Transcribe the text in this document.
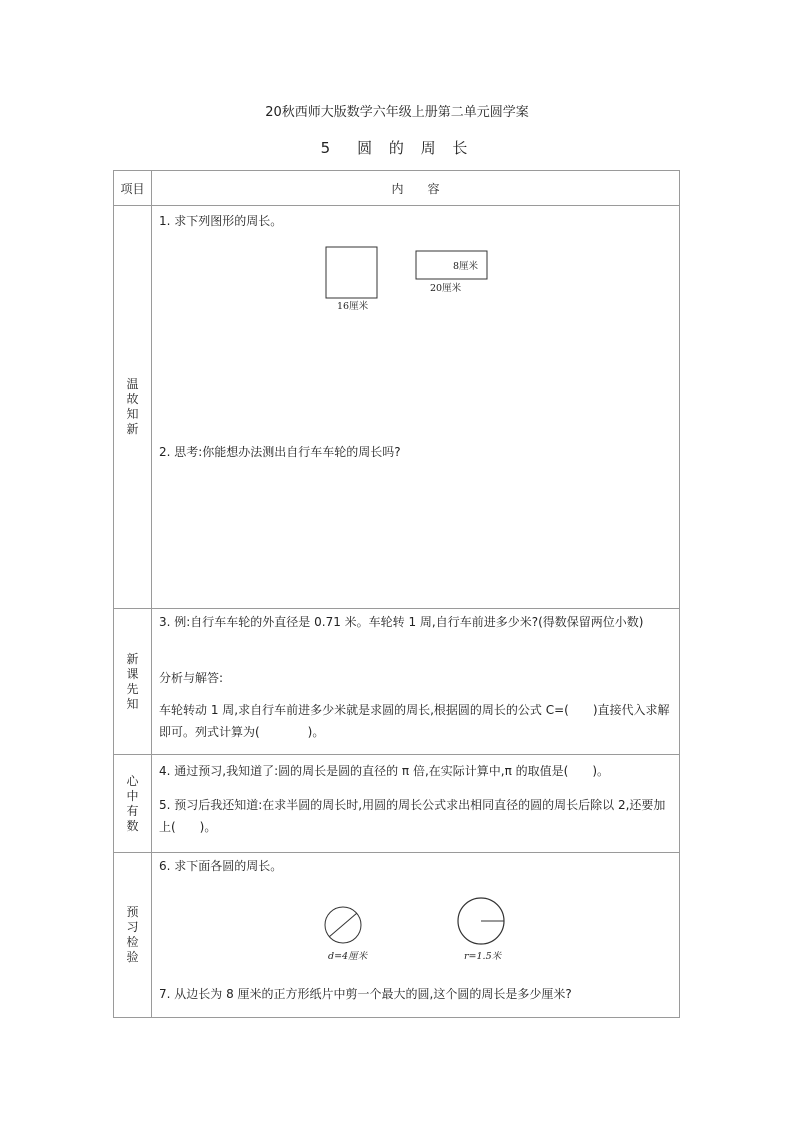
20秋西师大版数学六年级上册第二单元圆学案
5　圆 的 周 长
项目	内　　容
温故知新	1. 求下列图形的周长。
16厘米
8厘米
20厘米
2. 思考:你能想办法测出自行车车轮的周长吗?

新课先知	3. 例:自行车车轮的外直径是 0.71 米。车轮转 1 周,自行车前进多少米?(得数保留两位小数)
分析与解答:
车轮转动 1 周,求自行车前进多少米就是求圆的周长,根据圆的周长的公式 C=(　　)直接代入求解即可。列式计算为(　　　　)。

心中有数	4. 通过预习,我知道了:圆的周长是圆的直径的 π 倍,在实际计算中,π 的取值是(　　)。
5. 预习后我还知道:在求半圆的周长时,用圆的周长公式求出相同直径的圆的周长后除以 2,还要加上(　　)。

预习检验	6. 求下面各圆的周长。
d=4厘米 r=1.5米
7. 从边长为 8 厘米的正方形纸片中剪一个最大的圆,这个圆的周长是多少厘米?
